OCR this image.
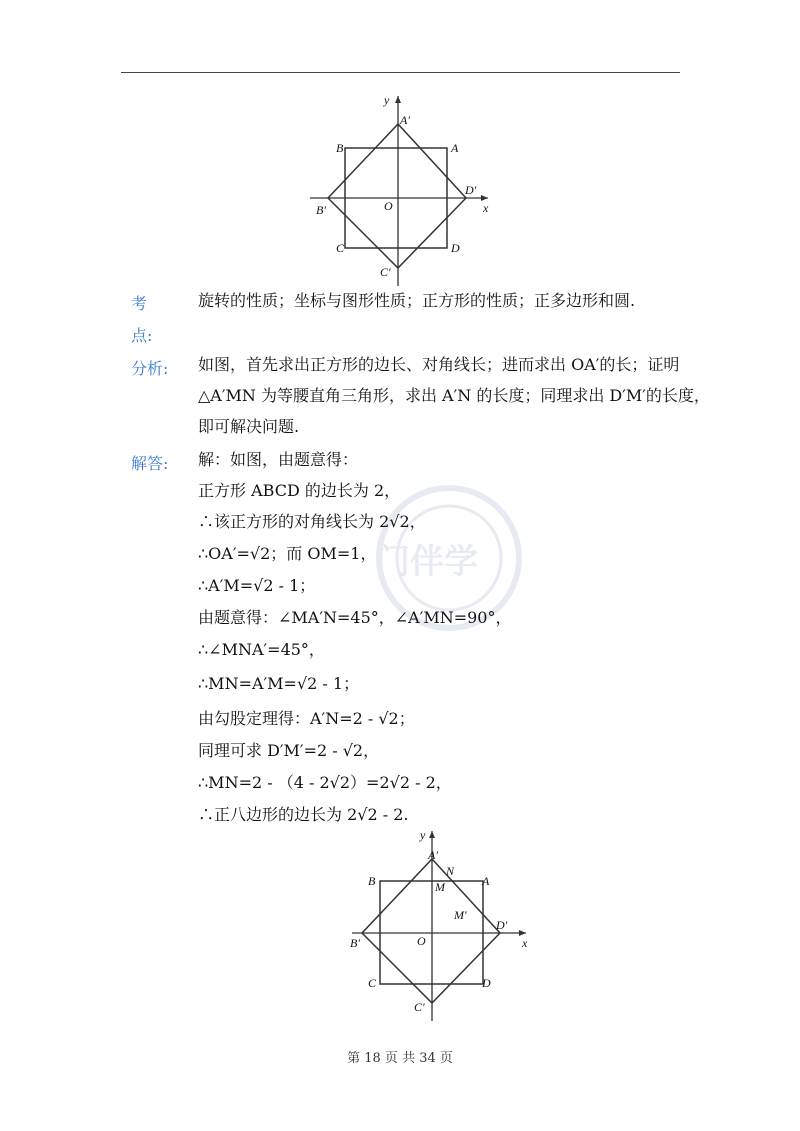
y
x
O
A
B
C	D
A′
B′
C′
D′
门伴学
考
点:
旋转的性质；坐标与图形性质；正方形的性质；正多边形和圆.
分析: 如图，首先求出正方形的边长、对角线长；进而求出 OA′的长；证明
△A′MN 为等腰直角三角形，求出 A′N 的长度；同理求出 D′M′的长度，
即可解决问题.
解答: 解：如图，由题意得：
正方形 ABCD 的边长为 2，
∴该正方形的对角线长为 2√2，
∴OA′=√2；而 OM=1，
∴A′M=√2 - 1；
由题意得：∠MA′N=45°，∠A′MN=90°，
∴∠MNA′=45°，
∴MN=A′M=√2 - 1；
由勾股定理得：A′N=2 - √2；
同理可求 D′M′=2 - √2，
∴MN=2 - （4 - 2√2）=2√2 - 2，
∴正八边形的边长为 2√2 - 2.
y
x
O
A
B
C	D
A′
B′
C′
D′
M
N
M′
第 18 页 共 34 页
